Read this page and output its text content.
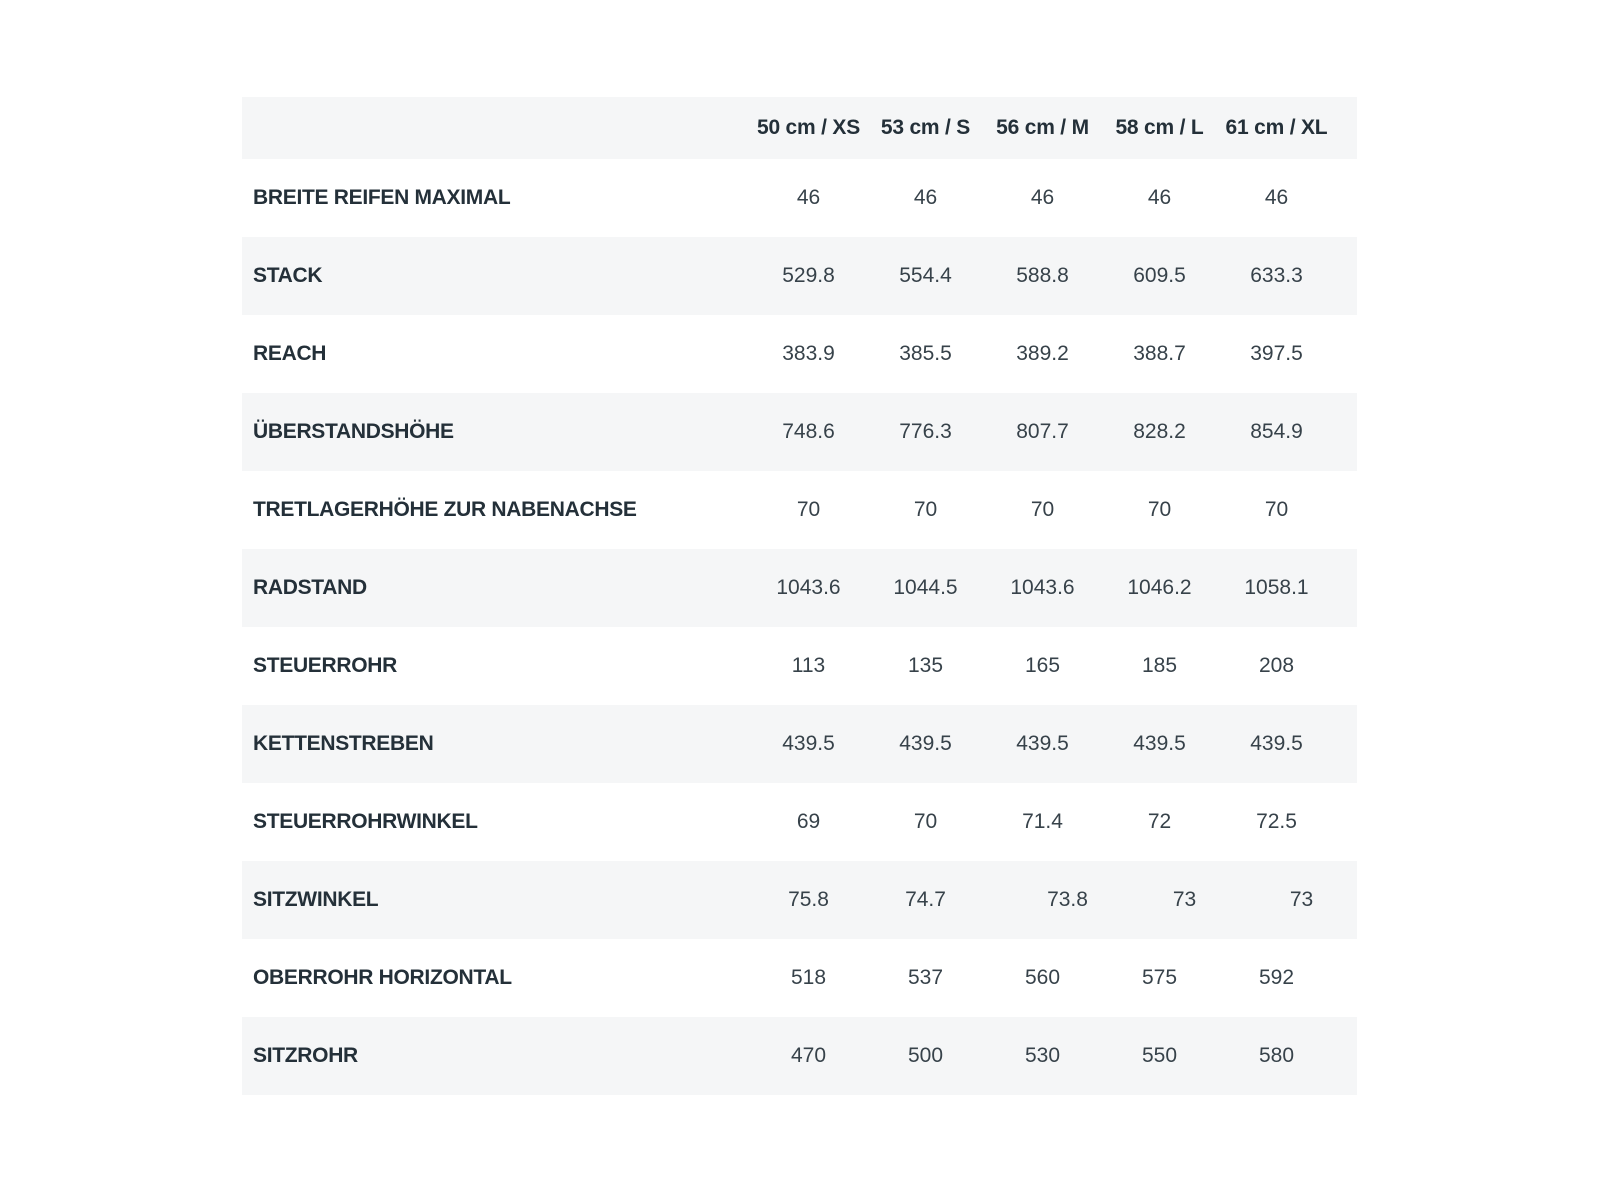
	50 cm / XS	53 cm / S	56 cm / M	58 cm / L	61 cm / XL	
BREITE REIFEN MAXIMAL	46	46	46	46	46	
STACK	529.8	554.4	588.8	609.5	633.3	
REACH	383.9	385.5	389.2	388.7	397.5	
ÜBERSTANDSHÖHE	748.6	776.3	807.7	828.2	854.9	
TRETLAGERHÖHE ZUR NABENACHSE	70	70	70	70	70	
RADSTAND	1043.6	1044.5	1043.6	1046.2	1058.1	
STEUERROHR	113	135	165	185	208	
KETTENSTREBEN	439.5	439.5	439.5	439.5	439.5	
STEUERROHRWINKEL	69	70	71.4	72	72.5	
SITZWINKEL	75.8	74.7	73.8	73	73	
OBERROHR HORIZONTAL	518	537	560	575	592	
SITZROHR	470	500	530	550	580	
